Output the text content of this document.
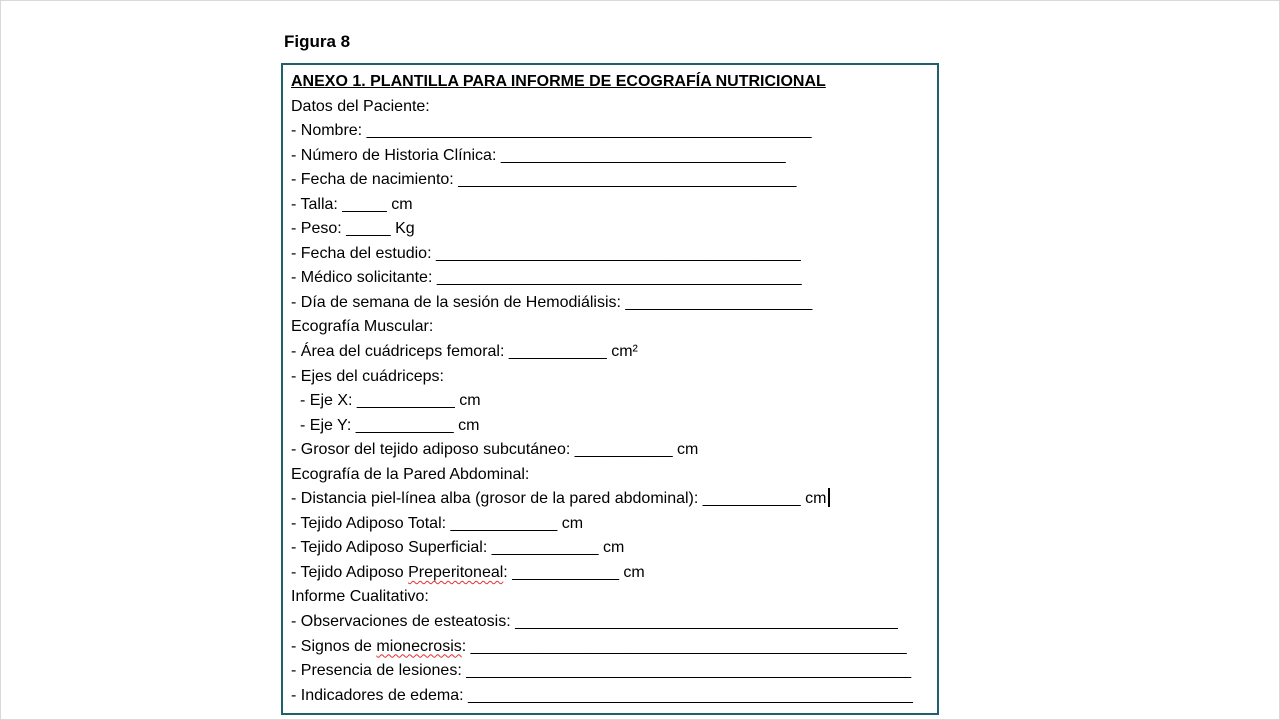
Figura 8
ANEXO 1. PLANTILLA PARA INFORME DE ECOGRAFÍA NUTRICIONAL
Datos del Paciente:
- Nombre: __________________________________________________
- Número de Historia Clínica: ________________________________
- Fecha de nacimiento: ______________________________________
- Talla: _____ cm
- Peso: _____ Kg
- Fecha del estudio: _________________________________________
- Médico solicitante: _________________________________________
- Día de semana de la sesión de Hemodiálisis: _____________________
Ecografía Muscular:
- Área del cuádriceps femoral: ___________ cm²
- Ejes del cuádriceps:
- Eje X: ___________ cm
- Eje Y: ___________ cm
- Grosor del tejido adiposo subcutáneo: ___________ cm
Ecografía de la Pared Abdominal:
- Distancia piel-línea alba (grosor de la pared abdominal): ___________ cm
- Tejido Adiposo Total: ____________ cm
- Tejido Adiposo Superficial: ____________ cm
- Tejido Adiposo Preperitoneal: ____________ cm
Informe Cualitativo:
- Observaciones de esteatosis: ___________________________________________
- Signos de mionecrosis: _________________________________________________
- Presencia de lesiones: __________________________________________________
- Indicadores de edema: __________________________________________________
